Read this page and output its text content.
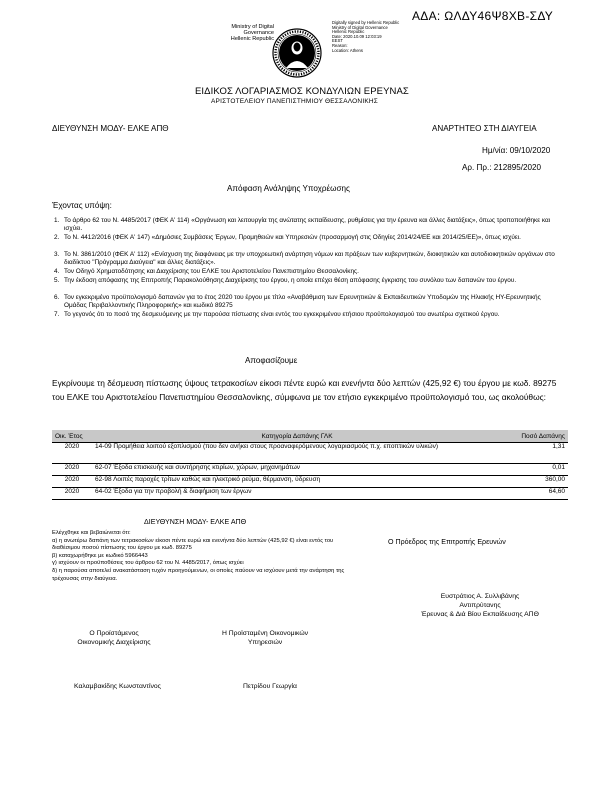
ΑΔΑ: ΩΛΔΥ46Ψ8ΧΒ-ΣΔΥ
Ministry of Digital
Governance
Hellenic Republic
Digitally signed by Hellenic Republic
Ministry of Digital Governance
Hellenic Republic
Date: 2020.10.09 12:03:19
EEST
Reason:
Location: Athens
ΕΙΔΙΚΟΣ ΛΟΓΑΡΙΑΣΜΟΣ ΚΟΝΔΥΛΙΩΝ ΕΡΕΥΝΑΣ
ΑΡΙΣΤΟΤΕΛΕΙΟΥ ΠΑΝΕΠΙΣΤΗΜΙΟΥ ΘΕΣΣΑΛΟΝΙΚΗΣ
ΔΙΕΥΘΥΝΣΗ ΜΟΔΥ- ΕΛΚΕ ΑΠΘ	ΑΝΑΡΤΗΤΕΟ ΣΤΗ ΔΙΑΥΓΕΙΑ
Ημ/νία: 09/10/2020
Αρ. Πρ.: 212895/2020
Απόφαση Ανάληψης Υποχρέωσης
Έχοντας υπόψη:
1. Το άρθρο 62 του Ν. 4485/2017 (ΦΕΚ Α' 114) «Οργάνωση και λειτουργία της ανώτατης εκπαίδευσης, ρυθμίσεις για την έρευνα και άλλες διατάξεις», όπως τροποποιήθηκε και ισχύει.
2. Το Ν. 4412/2016 (ΦΕΚ Α' 147) «Δημόσιες Συμβάσεις Έργων, Προμηθειών και Υπηρεσιών (προσαρμογή στις Οδηγίες 2014/24/ΕΕ και 2014/25/ΕΕ)», όπως ισχύει.
3. Το Ν. 3861/2010 (ΦΕΚ Α' 112) «Ενίσχυση της διαφάνειας με την υποχρεωτική ανάρτηση νόμων και πράξεων των κυβερνητικών, διοικητικών και αυτοδιοικητικών οργάνων στο διαδίκτυο "Πρόγραμμα Διαύγεια" και άλλες διατάξεις».
4. Τον Οδηγό Χρηματοδότησης και Διαχείρισης του ΕΛΚΕ του Αριστοτελείου Πανεπιστημίου Θεσσαλονίκης.
5. Την έκδοση απόφασης της Επιτροπής Παρακολούθησης Διαχείρισης του έργου, η οποία επέχει θέση απόφασης έγκρισης του συνόλου των δαπανών του έργου.
6. Τον εγκεκριμένο προϋπολογισμό δαπανών για το έτος 2020 του έργου με τίτλο «Αναβάθμιση των Ερευνητικών & Εκπαιδευτικών Υποδομών της Ηλιακής ΗΥ-Ερευνητικής Ομάδας Περιβαλλοντικής Πληροφορικής» και κωδικό 89275
7. Το γεγονός ότι το ποσό της δεσμευόμενης με την παρούσα πίστωσης είναι εντός του εγκεκριμένου ετήσιου προϋπολογισμού του ανωτέρω σχετικού έργου.
Αποφασίζουμε
Εγκρίνουμε τη δέσμευση πίστωσης ύψους τετρακοσίων είκοσι πέντε ευρώ και ενενήντα δύο λεπτών (425,92 €) του έργου με κωδ. 89275 του ΕΛΚΕ του Αριστοτελείου Πανεπιστημίου Θεσσαλονίκης, σύμφωνα με τον ετήσιο εγκεκριμένο προϋπολογισμό του, ως ακολούθως:
Οικ. Έτος	Κατηγορία Δαπάνης ΓΛΚ	Ποσό Δαπάνης
2020	14-09 Προμήθεια λοιπού εξοπλισμού (που δεν ανήκει στους προαναφερόμενους λογαριασμούς π.χ. εποπτικών υλικών)	1,31
2020	62-07 Έξοδα επισκευής και συντήρησης κτιρίων, χώρων, μηχανημάτων	0,01
2020	62-98 Λοιπές παροχές τρίτων καθώς και ηλεκτρικό ρεύμα, θέρμανση, ύδρευση	360,00
2020	64-02 Έξοδα για την προβολή & διαφήμιση των έργων	64,60
ΔΙΕΥΘΥΝΣΗ ΜΟΔΥ- ΕΛΚΕ ΑΠΘ
Ελέγχθηκε και βεβαιώνεται ότι:
α) η ανωτέρω δαπάνη των τετρακοσίων είκοσι πέντε ευρώ και ενενήντα δύο λεπτών (425,92 €) είναι εντός του διαθέσιμου ποσού πίστωσης του έργου με κωδ. 89275
β) καταχωρήθηκε με κωδικό 5966443
γ) ισχύουν οι προϋποθέσεις του άρθρου 62 του Ν. 4485/2017, όπως ισχύει
δ) η παρούσα αποτελεί ανακατάσταση τυχόν προηγούμενων, οι οποίες παύουν να ισχύουν μετά την ανάρτηση της τρέχουσας στην διαύγεια.
Ο Πρόεδρος της Επιτροπής Ερευνών
Ευστράτιος Α. Συλλιβάνης
Αντιπρύτανης
Έρευνας & Διά Βίου Εκπαίδευσης ΑΠΘ
Ο Προϊστάμενος
Οικονομικής Διαχείρισης
Η Προϊσταμένη Οικονομικών
Υπηρεσιών
Καλαμβακίδης Κωνσταντίνος	Πετρίδου Γεωργία
